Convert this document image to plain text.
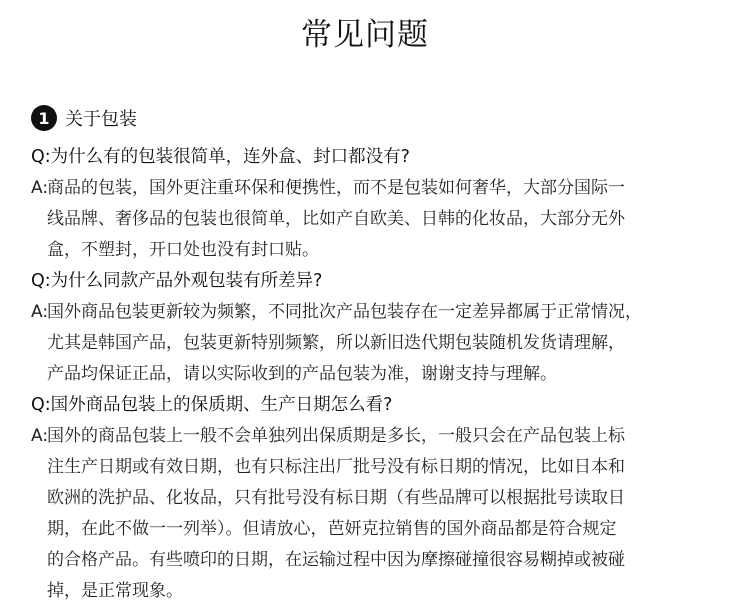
常见问题
1 关于包装
Q:为什么有的包装很简单，连外盒、封口都没有?
A:
商品的包装，国外更注重环保和便携性，而不是包装如何奢华，大部分国际一
线品牌、奢侈品的包装也很简单，比如产自欧美、日韩的化妆品，大部分无外
盒，不塑封，开口处也没有封口贴。
Q:为什么同款产品外观包装有所差异?
A:
国外商品包装更新较为频繁，不同批次产品包装存在一定差异都属于正常情况，
尤其是韩国产品，包装更新特别频繁，所以新旧迭代期包装随机发货请理解，
产品均保证正品，请以实际收到的产品包装为准，谢谢支持与理解。
Q:国外商品包装上的保质期、生产日期怎么看?
A:
国外的商品包装上一般不会单独列出保质期是多长，一般只会在产品包装上标
注生产日期或有效日期，也有只标注出厂批号没有标日期的情况，比如日本和
欧洲的洗护品、化妆品，只有批号没有标日期（有些品牌可以根据批号读取日
期，在此不做一一列举）。但请放心，芭妍克拉销售的国外商品都是符合规定
的合格产品。有些喷印的日期，在运输过程中因为摩擦碰撞很容易糊掉或被碰
掉，是正常现象。
